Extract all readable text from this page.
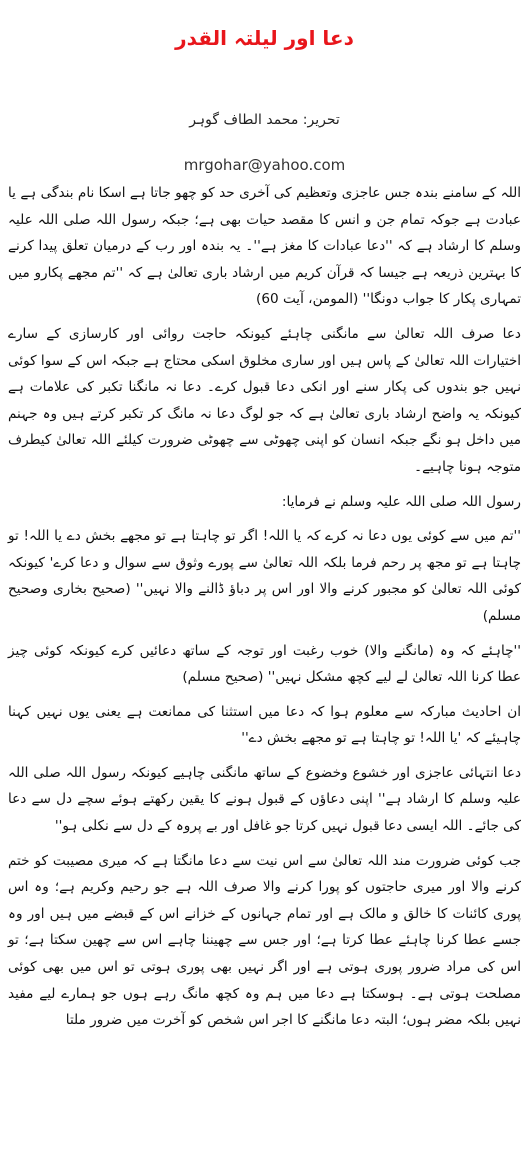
دعا اور لیلتہ القدر
تحریر: محمد الطاف گوہر
mrgohar@yahoo.com

اللہ کے سامنے بندہ جس عاجزی وتعظیم کی آخری حد کو چھو جاتا ہے اسکا نام بندگی ہے یا عبادت ہے جوکہ تمام جن و انس کا مقصد حیات بھی ہے؛ جبکہ رسول اللہ صلی اللہ علیہ وسلم کا ارشاد ہے کہ ''دعا عبادات کا مغز ہے''۔ یہ بندہ اور رب کے درمیان تعلق پیدا کرنے کا بہترین ذریعہ ہے جیسا کہ قرآن کریم میں ارشاد باری تعالیٰ ہے کہ ''تم مجھے پکارو میں تمہاری پکار کا جواب دونگا'' (المومن، آیت 60)

دعا صرف اللہ تعالیٰ سے مانگنی چاہئے کیونکہ حاجت روائی اور کارسازی کے سارے اختیارات اللہ تعالیٰ کے پاس ہیں اور ساری مخلوق اسکی محتاج ہے جبکہ اس کے سوا کوئی نہیں جو بندوں کی پکار سنے اور انکی دعا قبول کرے۔ دعا نہ مانگنا تکبر کی علامات ہے کیونکہ یہ واضح ارشاد باری تعالیٰ ہے کہ جو لوگ دعا نہ مانگ کر تکبر کرتے ہیں وہ جہنم میں داخل ہو نگے جبکہ انسان کو اپنی چھوٹی سے چھوٹی ضرورت کیلئے اللہ تعالیٰ کیطرف متوجہ ہونا چاہیے۔

رسول اللہ صلی اللہ علیہ وسلم نے فرمایا:

''تم میں سے کوئی یوں دعا نہ کرے کہ یا اللہ! اگر تو چاہتا ہے تو مجھے بخش دے یا اللہ! تو چاہتا ہے تو مجھ پر رحم فرما بلکہ اللہ تعالیٰ سے پورے وثوق سے سوال و دعا کرے' کیونکہ کوئی اللہ تعالیٰ کو مجبور کرنے والا اور اس پر دباؤ ڈالنے والا نہیں'' (صحیح بخاری وصحیح مسلم)

''چاہئے کہ وہ (مانگنے والا) خوب رغبت اور توجہ کے ساتھ دعائیں کرے کیونکہ کوئی چیز عطا کرنا اللہ تعالیٰ لے لیے کچھ مشکل نہیں'' (صحیح مسلم)

ان احادیث مبارکہ سے معلوم ہوا کہ دعا میں استثنا کی ممانعت ہے یعنی یوں نہیں کہنا چاہیئے کہ 'یا اللہ! تو چاہتا ہے تو مجھے بخش دے''

دعا انتہائی عاجزی اور خشوع وخضوع کے ساتھ مانگنی چاہیے کیونکہ رسول اللہ صلی اللہ علیہ وسلم کا ارشاد ہے'' اپنی دعاؤں کے قبول ہونے کا یقین رکھتے ہوئے سچے دل سے دعا کی جائے۔ اللہ ایسی دعا قبول نہیں کرتا جو غافل اور بے پروہ کے دل سے نکلی ہو''

جب کوئی ضرورت مند اللہ تعالیٰ سے اس نیت سے دعا مانگتا ہے کہ میری مصیبت کو ختم کرنے والا اور میری حاجتوں کو پورا کرنے والا صرف اللہ ہے جو رحیم وکریم ہے؛ وہ اس پوری کائنات کا خالق و مالک ہے اور تمام جہانوں کے خزانے اس کے قبضے میں ہیں اور وہ جسے عطا کرنا چاہئے عطا کرتا ہے؛ اور جس سے چھیننا چاہے اس سے چھین سکتا ہے؛ تو اس کی مراد ضرور پوری ہوتی ہے اور اگر نہیں بھی پوری ہوتی تو اس میں بھی کوئی مصلحت ہوتی ہے۔ ہوسکتا ہے دعا میں ہم وہ کچھ مانگ رہے ہوں جو ہمارے لیے مفید نہیں بلکہ مضر ہوں؛ البتہ دعا مانگنے کا اجر اس شخص کو آخرت میں ضرور ملتا
